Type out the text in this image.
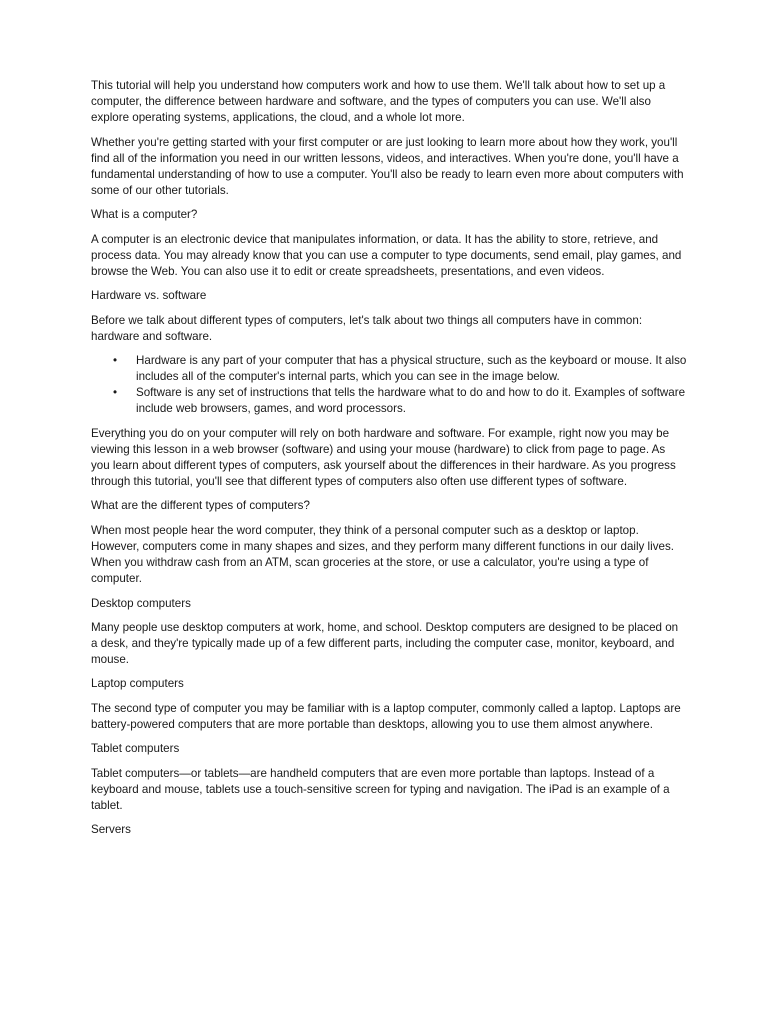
This tutorial will help you understand how computers work and how to use them. We'll talk about how to set up a computer, the difference between hardware and software, and the types of computers you can use. We'll also explore operating systems, applications, the cloud, and a whole lot more.

Whether you're getting started with your first computer or are just looking to learn more about how they work, you'll find all of the information you need in our written lessons, videos, and interactives. When you're done, you'll have a fundamental understanding of how to use a computer. You'll also be ready to learn even more about computers with some of our other tutorials.

What is a computer?

A computer is an electronic device that manipulates information, or data. It has the ability to store, retrieve, and process data. You may already know that you can use a computer to type documents, send email, play games, and browse the Web. You can also use it to edit or create spreadsheets, presentations, and even videos.

Hardware vs. software

Before we talk about different types of computers, let's talk about two things all computers have in common: hardware and software.

• Hardware is any part of your computer that has a physical structure, such as the keyboard or mouse. It also includes all of the computer's internal parts, which you can see in the image below.
• Software is any set of instructions that tells the hardware what to do and how to do it. Examples of software include web browsers, games, and word processors.

Everything you do on your computer will rely on both hardware and software. For example, right now you may be viewing this lesson in a web browser (software) and using your mouse (hardware) to click from page to page. As you learn about different types of computers, ask yourself about the differences in their hardware. As you progress through this tutorial, you'll see that different types of computers also often use different types of software.

What are the different types of computers?

When most people hear the word computer, they think of a personal computer such as a desktop or laptop. However, computers come in many shapes and sizes, and they perform many different functions in our daily lives. When you withdraw cash from an ATM, scan groceries at the store, or use a calculator, you're using a type of computer.

Desktop computers

Many people use desktop computers at work, home, and school. Desktop computers are designed to be placed on a desk, and they're typically made up of a few different parts, including the computer case, monitor, keyboard, and mouse.

Laptop computers

The second type of computer you may be familiar with is a laptop computer, commonly called a laptop. Laptops are battery-powered computers that are more portable than desktops, allowing you to use them almost anywhere.

Tablet computers

Tablet computers—or tablets—are handheld computers that are even more portable than laptops. Instead of a keyboard and mouse, tablets use a touch-sensitive screen for typing and navigation. The iPad is an example of a tablet.

Servers
